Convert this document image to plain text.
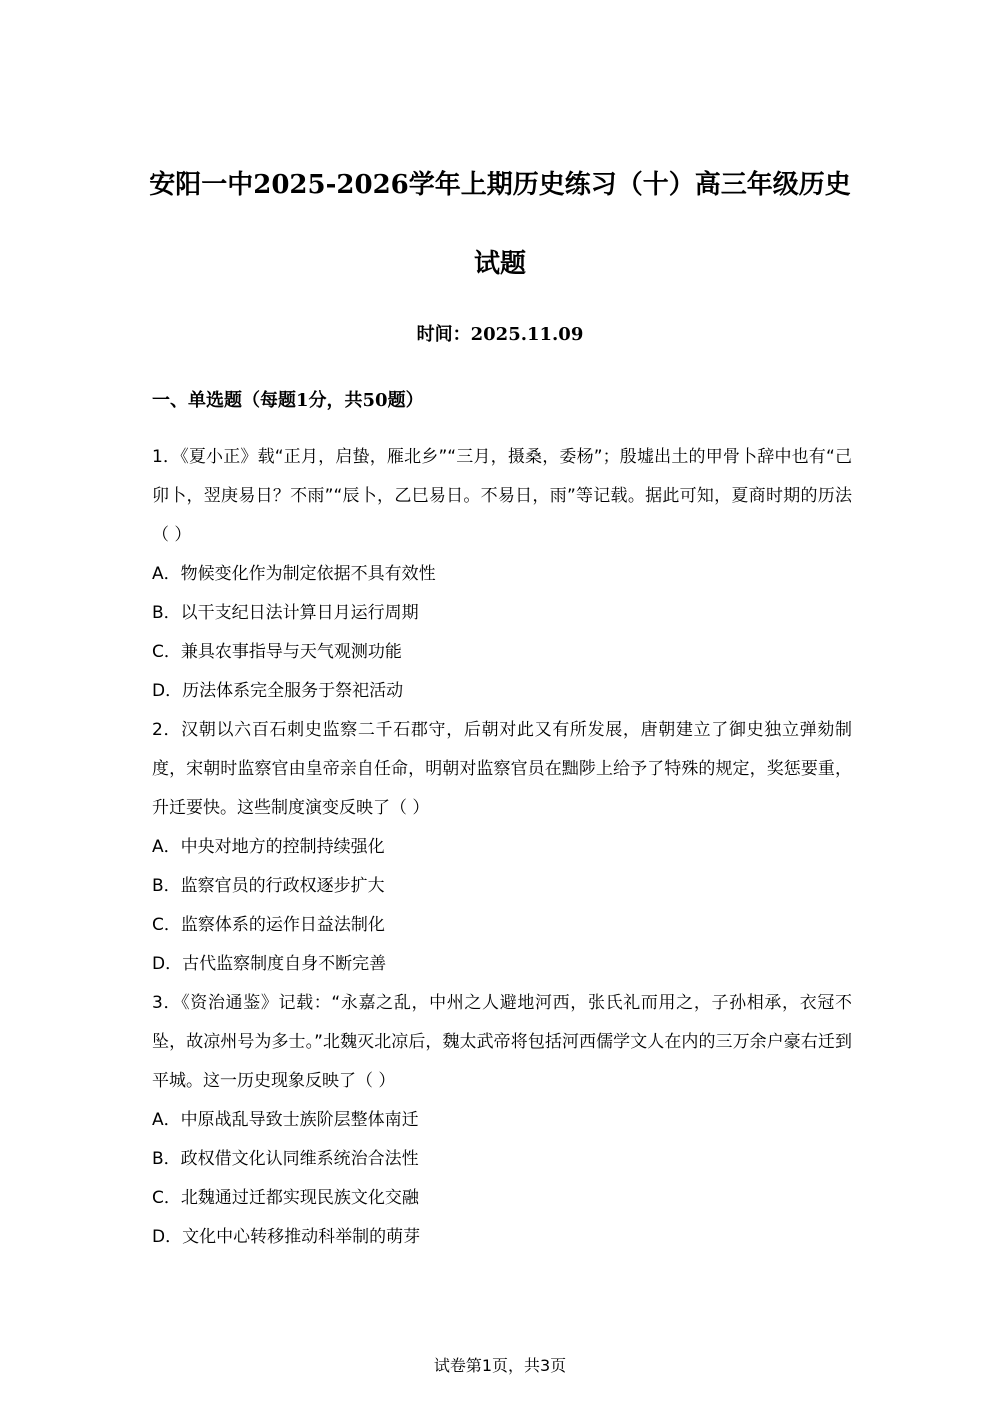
安阳一中2025-2026学年上期历史练习（十）高三年级历史
试题
时间：2025.11.09
一、单选题（每题1分，共50题）

1．《夏小正》载“正月，启蛰，雁北乡”“三月，摄桑，委杨”；殷墟出土的甲骨卜辞中也有“己卯卜，翌庚易日？不雨”“辰卜，乙巳易日。不易日，雨”等记载。据此可知，夏商时期的历法（ ）

A．物候变化作为制定依据不具有效性

B．以干支纪日法计算日月运行周期

C．兼具农事指导与天气观测功能

D．历法体系完全服务于祭祀活动

2．汉朝以六百石刺史监察二千石郡守，后朝对此又有所发展，唐朝建立了御史独立弹劾制度，宋朝时监察官由皇帝亲自任命，明朝对监察官员在黜陟上给予了特殊的规定，奖惩要重，升迁要快。这些制度演变反映了（ ）

A．中央对地方的控制持续强化

B．监察官员的行政权逐步扩大

C．监察体系的运作日益法制化

D．古代监察制度自身不断完善

3．《资治通鉴》记载：“永嘉之乱，中州之人避地河西，张氏礼而用之，子孙相承，衣冠不坠，故凉州号为多士。”北魏灭北凉后，魏太武帝将包括河西儒学文人在内的三万余户豪右迁到平城。这一历史现象反映了（ ）

A．中原战乱导致士族阶层整体南迁

B．政权借文化认同维系统治合法性

C．北魏通过迁都实现民族文化交融

D．文化中心转移推动科举制的萌芽

试卷第1页，共3页
